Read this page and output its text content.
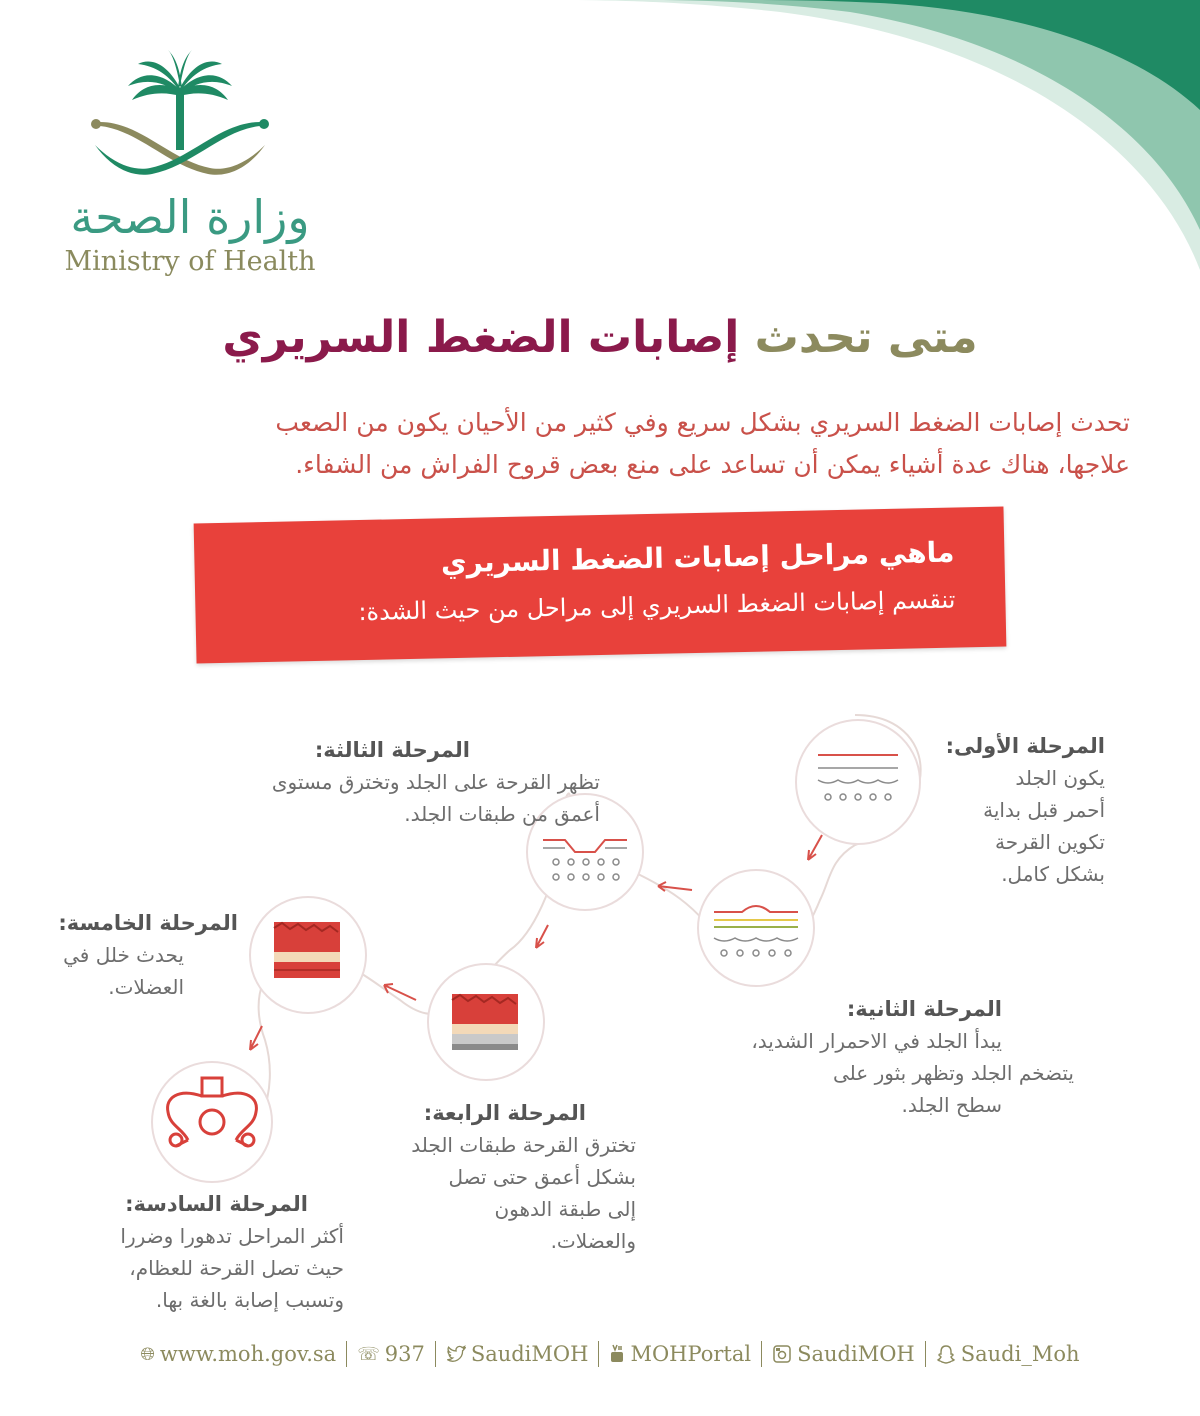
وزارة الصحة
Ministry of Health
متى تحدث إصابات الضغط السريري
تحدث إصابات الضغط السريري بشكل سريع وفي كثير من الأحيان يكون من الصعب
علاجها، هناك عدة أشياء يمكن أن تساعد على منع بعض قروح الفراش من الشفاء.
ماهي مراحل إصابات الضغط السريري
تنقسم إصابات الضغط السريري إلى مراحل من حيث الشدة:
المرحلة الأولى:
يكون الجلد
أحمر قبل بداية
تكوين القرحة
بشكل كامل.
المرحلة الثانية:
يبدأ الجلد في الاحمرار الشديد،
يتضخم الجلد وتظهر بثور على
سطح الجلد.
المرحلة الثالثة:
تظهر القرحة على الجلد وتخترق مستوى
أعمق من طبقات الجلد.
المرحلة الرابعة:
تخترق القرحة طبقات الجلد
بشكل أعمق حتى تصل
إلى طبقة الدهون
والعضلات.
المرحلة الخامسة:
يحدث خلل في
العضلات.
المرحلة السادسة:
أكثر المراحل تدهورا وضررا
حيث تصل القرحة للعظام،
وتسبب إصابة بالغة بها.
🌐︎ www.moh.gov.sa ☏ 937 SaudiMOH MOHPortal SaudiMOH Saudi_Moh
